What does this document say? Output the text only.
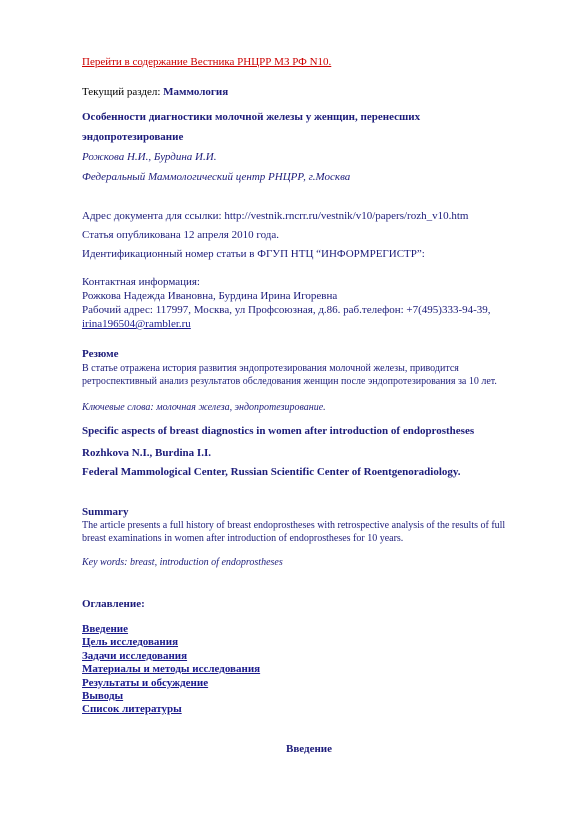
Перейти в содержание Вестника РНЦРР МЗ РФ N10.
Текущий раздел: Маммология
Особенности диагностики молочной железы у женщин, перенесших
эндопротезирование
Рожкова Н.И., Бурдина И.И.
Федеральный Маммологический центр РНЦРР, г.Москва
Адрес документа для ссылки: http://vestnik.rncrr.ru/vestnik/v10/papers/rozh_v10.htm
Статья опубликована 12 апреля 2010 года.
Идентификационный номер статьи в ФГУП НТЦ “ИНФОРМРЕГИСТР”:
Контактная информация:
Рожкова Надежда Ивановна, Бурдина Ирина Игоревна
Рабочий адрес: 117997, Москва, ул Профсоюзная, д.86. раб.телефон: +7(495)333-94-39,
irina196504@rambler.ru
Резюме
В статье отражена история развития эндопротезирования молочной железы, приводится
ретроспективный анализ результатов обследования женщин после эндопротезирования за 10 лет.
Ключевые слова: молочная железа, эндопротезирование.
Specific aspects of breast diagnostics in women after introduction of endoprostheses
Rozhkova N.I., Burdina I.I.
Federal Mammological Center, Russian Scientific Center of Roentgenoradiology.
Summary
The article presents a full history of breast endoprostheses with retrospective analysis of the results of full
breast examinations in women after introduction of endoprostheses for 10 years.
Key words: breast, introduction of endoprostheses
Оглавление:
Введение
Цель исследования
Задачи исследования
Материалы и методы исследования
Результаты и обсуждение
Выводы
Список литературы
Введение
